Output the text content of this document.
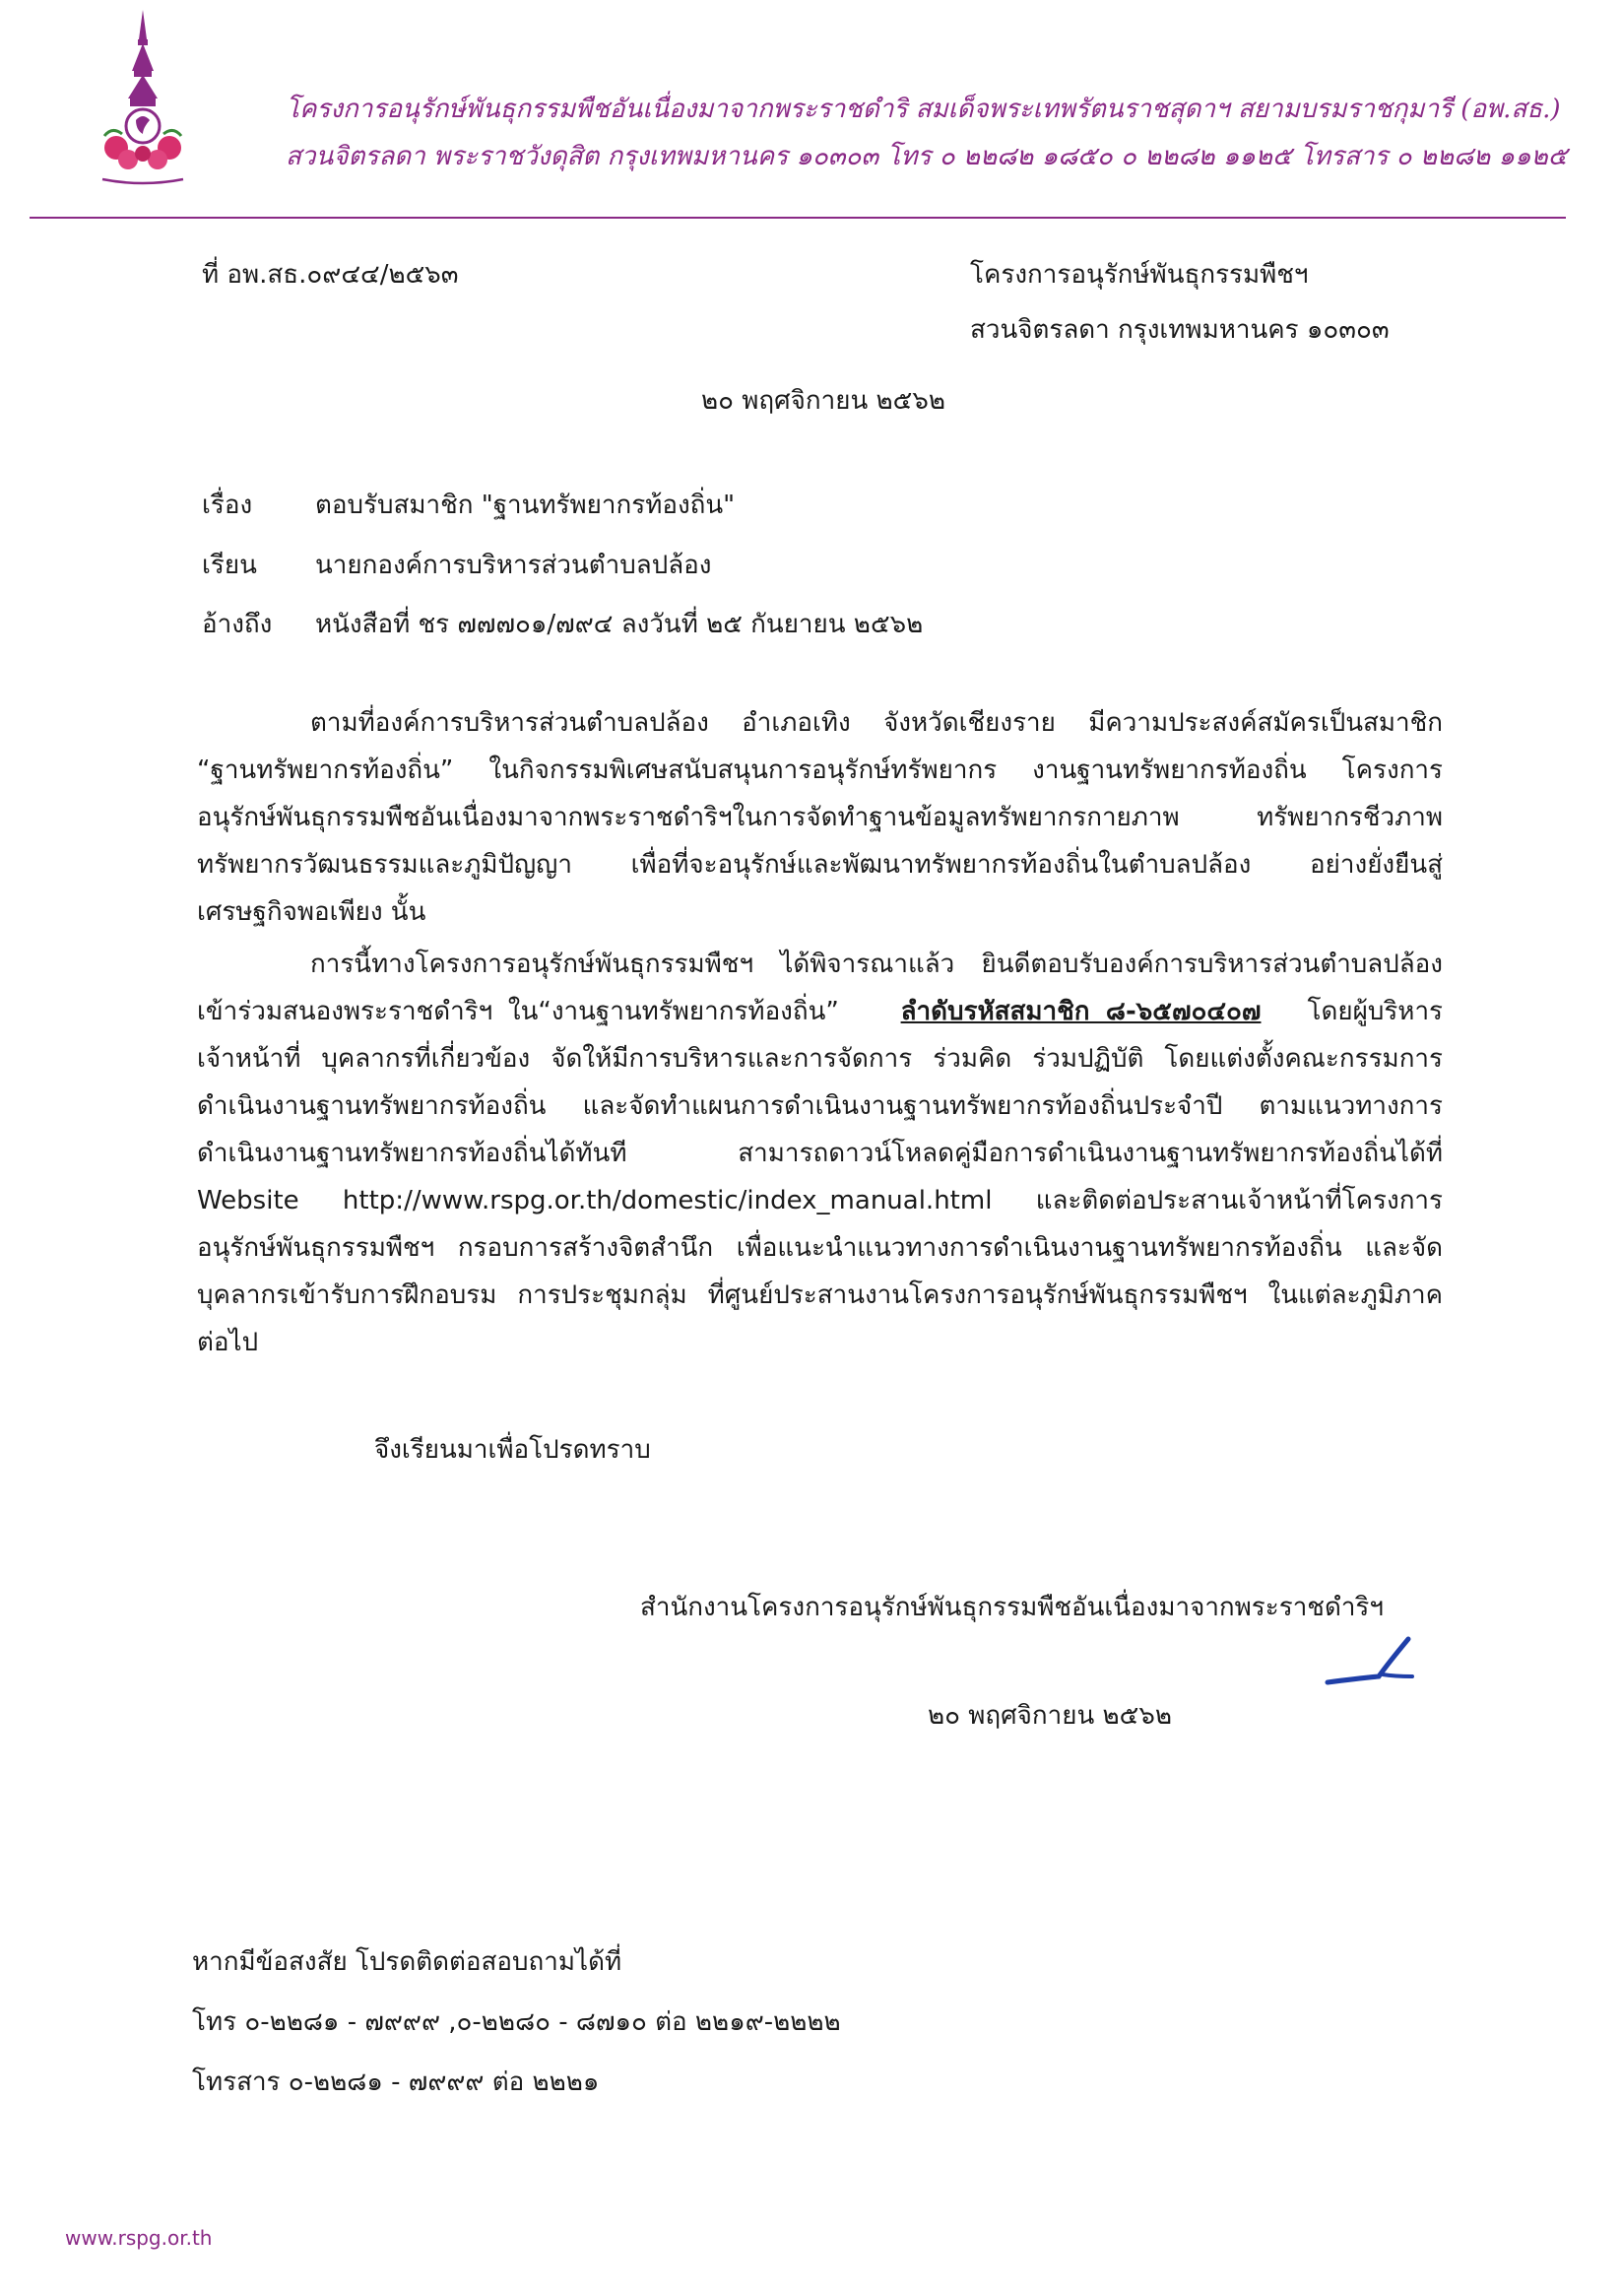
โครงการอนุรักษ์พันธุกรรมพืชอันเนื่องมาจากพระราชดำริ สมเด็จพระเทพรัตนราชสุดาฯ สยามบรมราชกุมารี (อพ.สธ.)
สวนจิตรลดา พระราชวังดุสิต กรุงเทพมหานคร ๑๐๓๐๓ โทร ๐ ๒๒๘๒ ๑๘๕๐ ๐ ๒๒๘๒ ๑๑๒๕ โทรสาร ๐ ๒๒๘๒ ๑๑๒๕
ที่ อพ.สธ.๐๙๔๔/๒๕๖๓	โครงการอนุรักษ์พันธุกรรมพืชฯ
สวนจิตรลดา กรุงเทพมหานคร ๑๐๓๐๓
๒๐ พฤศจิกายน ๒๕๖๒
เรื่อง ตอบรับสมาชิก "ฐานทรัพยากรท้องถิ่น"
เรียน นายกองค์การบริหารส่วนตำบลปล้อง
อ้างถึง หนังสือที่ ชร ๗๗๗๐๑/๗๙๔ ลงวันที่ ๒๕ กันยายน ๒๕๖๒
ตามที่องค์การบริหารส่วนตำบลปล้อง อำเภอเทิง จังหวัดเชียงราย มีความประสงค์สมัครเป็นสมาชิก
“ฐานทรัพยากรท้องถิ่น” ในกิจกรรมพิเศษสนับสนุนการอนุรักษ์ทรัพยากร งานฐานทรัพยากรท้องถิ่น โครงการ
อนุรักษ์พันธุกรรมพืชอันเนื่องมาจากพระราชดำริฯในการจัดทำฐานข้อมูลทรัพยากรกายภาพ ทรัพยากรชีวภาพ
ทรัพยากรวัฒนธรรมและภูมิปัญญา เพื่อที่จะอนุรักษ์และพัฒนาทรัพยากรท้องถิ่นในตำบลปล้อง อย่างยั่งยืนสู่
เศรษฐกิจพอเพียง นั้น
การนี้ทางโครงการอนุรักษ์พันธุกรรมพืชฯ ได้พิจารณาแล้ว ยินดีตอบรับองค์การบริหารส่วนตำบลปล้อง
เข้าร่วมสนองพระราชดำริฯ ใน“งานฐานทรัพยากรท้องถิ่น” ลำดับรหัสสมาชิก ๘-๖๕๗๐๔๐๗ โดยผู้บริหาร
เจ้าหน้าที่ บุคลากรที่เกี่ยวข้อง จัดให้มีการบริหารและการจัดการ ร่วมคิด ร่วมปฏิบัติ โดยแต่งตั้งคณะกรรมการ
ดำเนินงานฐานทรัพยากรท้องถิ่น และจัดทำแผนการดำเนินงานฐานทรัพยากรท้องถิ่นประจำปี ตามแนวทางการ
ดำเนินงานฐานทรัพยากรท้องถิ่นได้ทันที สามารถดาวน์โหลดคู่มือการดำเนินงานฐานทรัพยากรท้องถิ่นได้ที่
Website http://www.rspg.or.th/domestic/index_manual.html และติดต่อประสานเจ้าหน้าที่โครงการ
อนุรักษ์พันธุกรรมพืชฯ กรอบการสร้างจิตสำนึก เพื่อแนะนำแนวทางการดำเนินงานฐานทรัพยากรท้องถิ่น และจัด
บุคลากรเข้ารับการฝึกอบรม การประชุมกลุ่ม ที่ศูนย์ประสานงานโครงการอนุรักษ์พันธุกรรมพืชฯ ในแต่ละภูมิภาค
ต่อไป
จึงเรียนมาเพื่อโปรดทราบ
สำนักงานโครงการอนุรักษ์พันธุกรรมพืชอันเนื่องมาจากพระราชดำริฯ
๒๐ พฤศจิกายน ๒๕๖๒
หากมีข้อสงสัย โปรดติดต่อสอบถามได้ที่
โทร ๐-๒๒๘๑ - ๗๙๙๙ ,๐-๒๒๘๐ - ๘๗๑๐ ต่อ ๒๒๑๙-๒๒๒๒
โทรสาร ๐-๒๒๘๑ - ๗๙๙๙ ต่อ ๒๒๒๑
www.rspg.or.th
